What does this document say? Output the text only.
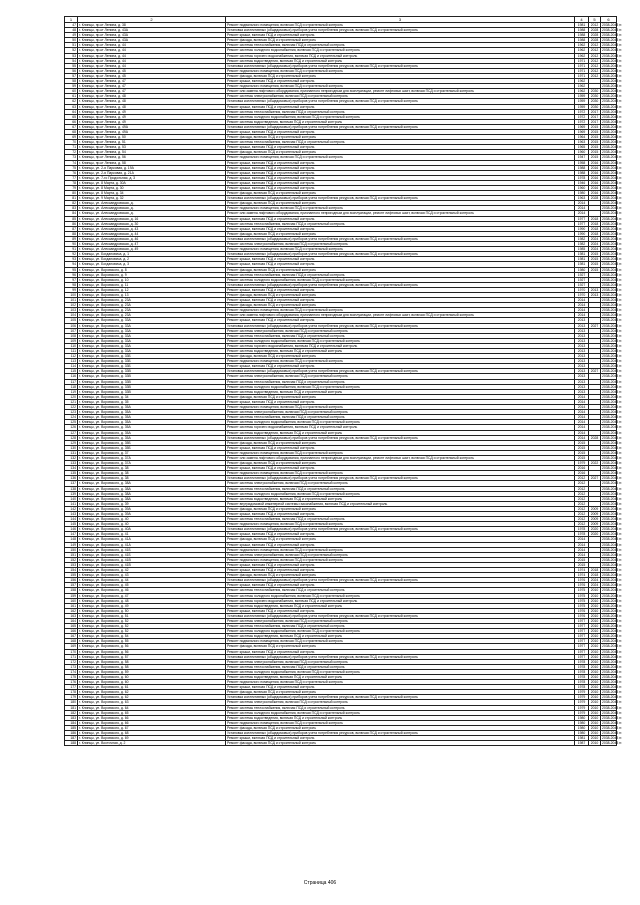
1	2	3	4	5	6
47	г. Клинцы, пр-кт Ленина, д. 38	Ремонт подвального помещения, включая ПСД и строительный контроль	1981	2012	2038-2043 гг.
48	г. Клинцы, пр-кт Ленина, д. 43А	Установка коллективных (общедомовых) приборов учета потребления ресурсов, включая ПСД и строительный контроль	1988	2028	2038-2043 гг.
49	г. Клинцы, пр-кт Ленина, д. 43А	Ремонт крыши, включая ПСД и строительный контроль	1988	2028	2038-2043 гг.
50	г. Клинцы, пр-кт Ленина, д. 43А	Ремонт фасада, включая ПСД и строительный контроль	1988	2028	2038-2043 гг.
51	г. Клинцы, пр-кт Ленина, д. 44	Ремонт системы теплоснабжения, включая ПСД и строительный контроль	1962	2012	2038-2043 гг.
52	г. Клинцы, пр-кт Ленина, д. 44	Ремонт системы холодного водоснабжения, включая ПСД и строительный контроль	1962	2012	2038-2043 гг.
53	г. Клинцы, пр-кт Ленина, д. 44	Ремонт системы горячего водоснабжения, включая ПСД и строительный контроль	1962	2012	2038-2043 гг.
54	г. Клинцы, пр-кт Ленина, д. 44	Ремонт системы водоотведения, включая ПСД и строительный контроль	1971	2012	2038-2043 гг.
55	г. Клинцы, пр-кт Ленина, д. 44	Установка коллективных (общедомовых) приборов учета потребления ресурсов, включая ПСД и строительный контроль	1971	2012	2038-2043 гг.
56	г. Клинцы, пр-кт Ленина, д. 45	Ремонт подвального помещения, включая ПСД и строительный контроль	1971	2012	2038-2043 гг.
57	г. Клинцы, пр-кт Ленина, д. 45	Ремонт фасада, включая ПСД и строительный контроль	1971	2012	2038-2043 гг.
58	г. Клинцы, пр-кт Ленина, д. 47	Ремонт крыши, включая ПСД и строительный контроль	1962		2038-2043 гг.
59	г. Клинцы, пр-кт Ленина, д. 47	Ремонт подвального помещения, включая ПСД и строительный контроль	1962		2038-2043 гг.
60	г. Клинцы, пр-кт Ленина, д. 47	Ремонт или замена лифтового оборудования, признанного непригодным для эксплуатации, ремонт лифтовых шахт, включая ПСД и строительный контроль	1962	2030	2038-2043 гг.
61	г. Клинцы, пр-кт Ленина, д. 48	Ремонт системы электроснабжения, включая ПСД и строительный контроль	1959	2030	2038-2043 гг.
62	г. Клинцы, пр-кт Ленина, д. 48	Установка коллективных (общедомовых) приборов учета потребления ресурсов, включая ПСД и строительный контроль	1959	2030	2038-2043 гг.
63	г. Клинцы, пр-кт Ленина, д. 48	Ремонт крыши, включая ПСД и строительный контроль	1959	2030	2038-2043 гг.
64	г. Клинцы, пр-кт Ленина, д. 49	Ремонт системы теплоснабжения, включая ПСД и строительный контроль	1972	2017	2038-2043 гг.
65	г. Клинцы, пр-кт Ленина, д. 49	Ремонт системы холодного водоснабжения, включая ПСД и строительный контроль	1972	2017	2038-2043 гг.
66	г. Клинцы, пр-кт Ленина, д. 49	Ремонт системы водоотведения, включая ПСД и строительный контроль	1972	2017	2038-2043 гг.
67	г. Клинцы, пр-кт Ленина, д. 49А	Установка коллективных (общедомовых) приборов учета потребления ресурсов, включая ПСД и строительный контроль	1969	2015	2038-2043 гг.
68	г. Клинцы, пр-кт Ленина, д. 49А	Ремонт крыши, включая ПСД и строительный контроль	1969	2015	2038-2043 гг.
69	г. Клинцы, пр-кт Ленина, д. 50	Ремонт фасада, включая ПСД и строительный контроль	1964	2015	2038-2043 гг.
70	г. Клинцы, пр-кт Ленина, д. 51	Ремонт системы теплоснабжения, включая ПСД и строительный контроль	1963	2015	2038-2043 гг.
71	г. Клинцы, пр-кт Ленина, д. 53	Ремонт крыши, включая ПСД и строительный контроль	1965	2015	2038-2043 гг.
72	г. Клинцы, пр-кт Ленина, д. 54	Ремонт фасада, включая ПСД и строительный контроль	1960	2015	2038-2043 гг.
73	г. Клинцы, пр-кт Ленина, д. 56	Ремонт подвального помещения, включая ПСД и строительный контроль	1947	2015	2038-2043 гг.
74	г. Клинцы, пр-кт Ленина, д. 58	Ремонт крыши, включая ПСД и строительный контроль	1958	2016	2038-2043 гг.
75	г. Клинцы, ул. 2-я Парковая, д. 19А	Ремонт крыши, включая ПСД и строительный контроль	1988	2016	2038-2043 гг.
76	г. Клинцы, ул. 2-я Парковая, д. 21А	Ремонт крыши, включая ПСД и строительный контроль	1988	2016	2038-2043 гг.
77	г. Клинцы, ул. 7-го Продольная, д. 3	Ремонт крыши, включая ПСД и строительный контроль	1978	2016	2038-2043 гг.
78	г. Клинцы, ул. 8 Марта, д. 30А	Ремонт крыши, включая ПСД и строительный контроль	1946	2016	2038-2043 гг.
79	г. Клинцы, ул. 8 Марта, д. 30	Ремонт крыши, включая ПСД и строительный контроль	1960	2016	2038-2043 гг.
80	г. Клинцы, ул. 8 Марта, д. 34	Ремонт фасада, включая ПСД и строительный контроль	1980	2016	2038-2043 гг.
81	г. Клинцы, ул. 9 Марта, д. 32	Установка коллективных (общедомовых) приборов учета потребления ресурсов, включая ПСД и строительный контроль	1963	2028	2038-2043 гг.
82	г. Клинцы, ул. Александровская, д.	Ремонт фасада, включая ПСД и строительный контроль	2014		2038-2043 гг.
83	г. Клинцы, ул. Александровская, д.	Ремонт подвального помещения, включая ПСД и строительный контроль	2014		2038-2043 гг.
84	г. Клинцы, ул. Александровская, д.	Ремонт или замена лифтового оборудования, признанного непригодным для эксплуатации, ремонт лифтовых шахт, включая ПСД и строительный контроль	2014		2038-2043 гг.
85	г. Клинцы, ул. Александровская, д. 16	Ремонт крыши, включая ПСД и строительный контроль	1977	2018	2038-2043 гг.
86	г. Клинцы, ул. Александровская, д. 30	Ремонт системы теплоснабжения, включая ПСД и строительный контроль	1977	2018	2038-2043 гг.
87	г. Клинцы, ул. Александровская, д. 43	Ремонт крыши, включая ПСД и строительный контроль	1990	2018	2038-2043 гг.
88	г. Клинцы, ул. Александровская, д. 44	Ремонт фасада, включая ПСД и строительный контроль	1990	2018	2038-2043 гг.
89	г. Клинцы, ул. Александровская, д. 46	Установка коллективных (общедомовых) приборов учета потребления ресурсов, включая ПСД и строительный контроль	1982	2024	2038-2043 гг.
90	г. Клинцы, ул. Александровская, д. 47	Ремонт системы электроснабжения, включая ПСД и строительный контроль	1982	2024	2038-2043 гг.
91	г. Клинцы, ул. Александровская, д. 49	Ремонт подвального помещения, включая ПСД и строительный контроль	1985	2024	2038-2043 гг.
92	г. Клинцы, ул. Богдановича, д. 1	Установка коллективных (общедомовых) приборов учета потребления ресурсов, включая ПСД и строительный контроль	1981	2015	2038-2043 гг.
93	г. Клинцы, ул. Богдановича, д. 2	Ремонт крыши, включая ПСД и строительный контроль	1981	2015	2038-2043 гг.
94	г. Клинцы, ул. Богдановича, д. 3	Ремонт крыши, включая ПСД и строительный контроль	1981	2015	2038-2043 гг.
95	г. Клинцы, ул. Воровского, д. 8	Ремонт фасада, включая ПСД и строительный контроль	1980	2015	2038-2043 гг.
96	г. Клинцы, ул. Воровского, д. 9	Ремонт системы теплоснабжения, включая ПСД и строительный контроль	1927		2038-2043 гг.
97	г. Клинцы, ул. Воровского, д. 10	Ремонт системы холодного водоснабжения, включая ПСД и строительный контроль	1927		2038-2043 гг.
98	г. Клинцы, ул. Воровского, д. 11	Установка коллективных (общедомовых) приборов учета потребления ресурсов, включая ПСД и строительный контроль	1927		2038-2043 гг.
99	г. Клинцы, ул. Воровского, д. 12	Ремонт крыши, включая ПСД и строительный контроль	1970	2013	2038-2043 гг.
100	г. Клинцы, ул. Воровского, д. 13	Ремонт фасада, включая ПСД и строительный контроль	1970	2013	2038-2043 гг.
101	г. Клинцы, ул. Воровского, д. 23А	Ремонт крыши, включая ПСД и строительный контроль	2014		2038-2043 гг.
102	г. Клинцы, ул. Воровского, д. 23А	Ремонт фасада, включая ПСД и строительный контроль	2014		2038-2043 гг.
103	г. Клинцы, ул. Воровского, д. 23А	Ремонт подвального помещения, включая ПСД и строительный контроль	2014		2038-2043 гг.
104	г. Клинцы, ул. Воровского, д. 23А	Ремонт или замена лифтового оборудования, признанного непригодным для эксплуатации, ремонт лифтовых шахт, включая ПСД и строительный контроль	2014		2038-2043 гг.
105	г. Клинцы, ул. Воровского, д. 33А	Ремонт крыши, включая ПСД и строительный контроль	2013		2038-2043 гг.
106	г. Клинцы, ул. Воровского, д. 33А	Установка коллективных (общедомовых) приборов учета потребления ресурсов, включая ПСД и строительный контроль	2013	2027	2038-2043 гг.
107	г. Клинцы, ул. Воровского, д. 33А	Ремонт системы электроснабжения, включая ПСД и строительный контроль	2013		2038-2043 гг.
108	г. Клинцы, ул. Воровского, д. 33А	Ремонт системы теплоснабжения, включая ПСД и строительный контроль	2013		2038-2043 гг.
109	г. Клинцы, ул. Воровского, д. 33А	Ремонт системы холодного водоснабжения, включая ПСД и строительный контроль	2013		2038-2043 гг.
110	г. Клинцы, ул. Воровского, д. 33А	Ремонт системы горячего водоснабжения, включая ПСД и строительный контроль	2013		2038-2043 гг.
111	г. Клинцы, ул. Воровского, д. 33А	Ремонт системы водоотведения, включая ПСД и строительный контроль	2013		2038-2043 гг.
112	г. Клинцы, ул. Воровского, д. 33Б	Ремонт фасада, включая ПСД и строительный контроль	2013		2038-2043 гг.
113	г. Клинцы, ул. Воровского, д. 33Б	Ремонт подвального помещения, включая ПСД и строительный контроль	2013		2038-2043 гг.
114	г. Клинцы, ул. Воровского, д. 33Б	Ремонт крыши, включая ПСД и строительный контроль	2013		2038-2043 гг.
115	г. Клинцы, ул. Воровского, д. 33В	Установка коллективных (общедомовых) приборов учета потребления ресурсов, включая ПСД и строительный контроль	2013	2027	2038-2043 гг.
116	г. Клинцы, ул. Воровского, д. 33В	Ремонт системы электроснабжения, включая ПСД и строительный контроль	2013		2038-2043 гг.
117	г. Клинцы, ул. Воровского, д. 33В	Ремонт системы теплоснабжения, включая ПСД и строительный контроль	2013		2038-2043 гг.
118	г. Клинцы, ул. Воровского, д. 33В	Ремонт системы холодного водоснабжения, включая ПСД и строительный контроль	2013		2038-2043 гг.
119	г. Клинцы, ул. Воровского, д. 33В	Ремонт системы водоотведения, включая ПСД и строительный контроль	2013		2038-2043 гг.
120	г. Клинцы, ул. Воровского, д. 34	Ремонт фасада, включая ПСД и строительный контроль	2014		2038-2043 гг.
121	г. Клинцы, ул. Воровского, д. 35	Ремонт крыши, включая ПСД и строительный контроль	2014		2038-2043 гг.
122	г. Клинцы, ул. Воровского, д. 35А	Ремонт подвального помещения, включая ПСД и строительный контроль	2014		2038-2043 гг.
123	г. Клинцы, ул. Воровского, д. 35А	Ремонт системы электроснабжения, включая ПСД и строительный контроль	2014		2038-2043 гг.
124	г. Клинцы, ул. Воровского, д. 35А	Ремонт системы теплоснабжения, включая ПСД и строительный контроль	2014		2038-2043 гг.
125	г. Клинцы, ул. Воровского, д. 35А	Ремонт системы холодного водоснабжения, включая ПСД и строительный контроль	2014		2038-2043 гг.
126	г. Клинцы, ул. Воровского, д. 35А	Ремонт системы горячего водоснабжения, включая ПСД и строительный контроль	2014		2038-2043 гг.
127	г. Клинцы, ул. Воровского, д. 35А	Ремонт системы водоотведения, включая ПСД и строительный контроль	2014		2038-2043 гг.
128	г. Клинцы, ул. Воровского, д. 35А	Установка коллективных (общедомовых) приборов учета потребления ресурсов, включая ПСД и строительный контроль	2014	2028	2038-2043 гг.
129	г. Клинцы, ул. Воровского, д. 35Б	Ремонт фасада, включая ПСД и строительный контроль	2015		2038-2043 гг.
130	г. Клинцы, ул. Воровского, д. 35Б	Ремонт крыши, включая ПСД и строительный контроль	2015		2038-2043 гг.
131	г. Клинцы, ул. Воровского, д. 37	Ремонт подвального помещения, включая ПСД и строительный контроль	2015		2038-2043 гг.
132	г. Клинцы, ул. Воровского, д. 37А	Ремонт или замена лифтового оборудования, признанного непригодным для эксплуатации, ремонт лифтовых шахт, включая ПСД и строительный контроль	2015		2038-2043 гг.
133	г. Клинцы, ул. Воровского, д. 37А	Ремонт фасада, включая ПСД и строительный контроль	1979	2022	2038-2043 гг.
134	г. Клинцы, ул. Воровского, д. 38	Ремонт крыши, включая ПСД и строительный контроль	2016		2038-2043 гг.
135	г. Клинцы, ул. Воровского, д. 38	Ремонт подвального помещения, включая ПСД и строительный контроль	2016		2038-2043 гг.
136	г. Клинцы, ул. Воровского, д. 38	Установка коллективных (общедомовых) приборов учета потребления ресурсов, включая ПСД и строительный контроль	2012	2027	2038-2043 гг.
137	г. Клинцы, ул. Воровского, д. 38А	Ремонт системы электроснабжения, включая ПСД и строительный контроль	2012		2038-2043 гг.
138	г. Клинцы, ул. Воровского, д. 38А	Ремонт системы теплоснабжения, включая ПСД и строительный контроль	2012		2038-2043 гг.
139	г. Клинцы, ул. Воровского, д. 38А	Ремонт системы холодного водоснабжения, включая ПСД и строительный контроль	2012		2038-2043 гг.
140	г. Клинцы, ул. Воровского, д. 38А	Ремонт системы водоотведения, включая ПСД и строительный контроль	2012		2038-2043 гг.
141	г. Клинцы, ул. Воровского, д. 39	Ремонт внутридомовой инженерной системы газоснабжения, включая ПСД и строительный контроль	2012		2038-2043 гг.
142	г. Клинцы, ул. Воровского, д. 39А	Ремонт фасада, включая ПСД и строительный контроль	2012	2009	2038-2043 гг.
143	г. Клинцы, ул. Воровского, д. 39А	Ремонт крыши, включая ПСД и строительный контроль	2012	2009	2038-2043 гг.
144	г. Клинцы, ул. Воровского, д. 40	Ремонт системы теплоснабжения, включая ПСД и строительный контроль	2012	2009	2038-2043 гг.
145	г. Клинцы, ул. Воровского, д. 40	Ремонт подвального помещения, включая ПСД и строительный контроль	2012	2009	2038-2043 гг.
146	г. Клинцы, ул. Воровского, д. 40А	Установка коллективных (общедомовых) приборов учета потребления ресурсов, включая ПСД и строительный контроль	1978	2020	2038-2043 гг.
147	г. Клинцы, ул. Воровского, д. 41	Ремонт крыши, включая ПСД и строительный контроль	1978	2020	2038-2043 гг.
148	г. Клинцы, ул. Воровского, д. 41А	Ремонт фасада, включая ПСД и строительный контроль	2014		2038-2043 гг.
149	г. Клинцы, ул. Воровского, д. 41А	Ремонт крыши, включая ПСД и строительный контроль	2014		2038-2043 гг.
150	г. Клинцы, ул. Воровского, д. 41Б	Ремонт подвального помещения, включая ПСД и строительный контроль	2014		2038-2043 гг.
151	г. Клинцы, ул. Воровского, д. 41Б	Ремонт системы электроснабжения, включая ПСД и строительный контроль	2014		2038-2043 гг.
152	г. Клинцы, ул. Воровского, д. 41В	Ремонт подвального помещения, включая ПСД и строительный контроль	2015		2038-2043 гг.
153	г. Клинцы, ул. Воровского, д. 41В	Ремонт крыши, включая ПСД и строительный контроль	2015		2038-2043 гг.
154	г. Клинцы, ул. Воровского, д. 42	Ремонт крыши, включая ПСД и строительный контроль	1974	2018	2038-2043 гг.
155	г. Клинцы, ул. Воровского, д. 43	Ремонт фасада, включая ПСД и строительный контроль	1974	2018	2038-2043 гг.
156	г. Клинцы, ул. Воровского, д. 44	Установка коллективных (общедомовых) приборов учета потребления ресурсов, включая ПСД и строительный контроль	1976	2024	2038-2043 гг.
157	г. Клинцы, ул. Воровского, д. 45	Ремонт крыши, включая ПСД и строительный контроль	1976	2024	2038-2043 гг.
158	г. Клинцы, ул. Воровского, д. 46	Ремонт системы теплоснабжения, включая ПСД и строительный контроль	1975	2010	2038-2043 гг.
159	г. Клинцы, ул. Воровского, д. 47	Ремонт системы холодного водоснабжения, включая ПСД и строительный контроль	1975	2010	2038-2043 гг.
160	г. Клинцы, ул. Воровского, д. 48	Ремонт системы горячего водоснабжения, включая ПСД и строительный контроль	1975	2010	2038-2043 гг.
161	г. Клинцы, ул. Воровского, д. 49	Ремонт системы водоотведения, включая ПСД и строительный контроль	1975	2010	2038-2043 гг.
162	г. Клинцы, ул. Воровского, д. 50	Ремонт крыши, включая ПСД и строительный контроль	1976	2010	2038-2043 гг.
163	г. Клинцы, ул. Воровского, д. 51	Установка коллективных (общедомовых) приборов учета потребления ресурсов, включая ПСД и строительный контроль	1976	2010	2038-2043 гг.
164	г. Клинцы, ул. Воровского, д. 52	Ремонт системы электроснабжения, включая ПСД и строительный контроль	1977	2010	2038-2043 гг.
165	г. Клинцы, ул. Воровского, д. 52	Ремонт системы теплоснабжения, включая ПСД и строительный контроль	1977	2010	2038-2043 гг.
166	г. Клинцы, ул. Воровского, д. 52	Ремонт системы холодного водоснабжения, включая ПСД и строительный контроль	1977	2010	2038-2043 гг.
167	г. Клинцы, ул. Воровского, д. 54	Ремонт системы водоотведения, включая ПСД и строительный контроль	1977	2010	2038-2043 гг.
168	г. Клинцы, ул. Воровского, д. 55	Ремонт подвального помещения, включая ПСД и строительный контроль	1977	2010	2038-2043 гг.
169	г. Клинцы, ул. Воровского, д. 56	Ремонт фасада, включая ПСД и строительный контроль	1977	2010	2038-2043 гг.
170	г. Клинцы, ул. Воровского, д. 56	Ремонт крыши, включая ПСД и строительный контроль	1977	2010	2038-2043 гг.
171	г. Клинцы, ул. Воровского, д. 57	Установка коллективных (общедомовых) приборов учета потребления ресурсов, включая ПСД и строительный контроль	1977	2010	2038-2043 гг.
172	г. Клинцы, ул. Воровского, д. 58	Ремонт системы электроснабжения, включая ПСД и строительный контроль	1978	2010	2038-2043 гг.
173	г. Клинцы, ул. Воровского, д. 58	Ремонт системы теплоснабжения, включая ПСД и строительный контроль	1978	2010	2038-2043 гг.
174	г. Клинцы, ул. Воровского, д. 59	Ремонт системы холодного водоснабжения, включая ПСД и строительный контроль	1978	2010	2038-2043 гг.
175	г. Клинцы, ул. Воровского, д. 60	Ремонт системы водоотведения, включая ПСД и строительный контроль	1978	2010	2038-2043 гг.
176	г. Клинцы, ул. Воровского, д. 60	Ремонт подвального помещения, включая ПСД и строительный контроль	1978	2010	2038-2043 гг.
177	г. Клинцы, ул. Воровского, д. 61	Ремонт крыши, включая ПСД и строительный контроль	1978	2010	2038-2043 гг.
178	г. Клинцы, ул. Воровского, д. 62	Ремонт фасада, включая ПСД и строительный контроль	1979	2010	2038-2043 гг.
179	г. Клинцы, ул. Воровского, д. 62	Установка коллективных (общедомовых) приборов учета потребления ресурсов, включая ПСД и строительный контроль	1979	2010	2038-2043 гг.
180	г. Клинцы, ул. Воровского, д. 63	Ремонт системы электроснабжения, включая ПСД и строительный контроль	1979	2010	2038-2043 гг.
181	г. Клинцы, ул. Воровского, д. 64	Ремонт системы теплоснабжения, включая ПСД и строительный контроль	1979	2010	2038-2043 гг.
182	г. Клинцы, ул. Воровского, д. 65	Ремонт системы холодного водоснабжения, включая ПСД и строительный контроль	1979	2010	2038-2043 гг.
183	г. Клинцы, ул. Воровского, д. 66	Ремонт системы водоотведения, включая ПСД и строительный контроль	1980	2010	2038-2043 гг.
184	г. Клинцы, ул. Воровского, д. 66	Ремонт подвального помещения, включая ПСД и строительный контроль	1980	2010	2038-2043 гг.
185	г. Клинцы, ул. Воровского, д. 67	Ремонт фасада, включая ПСД и строительный контроль	1980	2010	2038-2043 гг.
186	г. Клинцы, ул. Воровского, д. 68	Установка коллективных (общедомовых) приборов учета потребления ресурсов, включая ПСД и строительный контроль	1980	2010	2038-2043 гг.
187	г. Клинцы, ул. Воровского, д. 69	Ремонт крыши, включая ПСД и строительный контроль	1981	2010	2038-2043 гг.
188	г. Клинцы, ул. Восточная, д. 2	Ремонт фасада, включая ПСД и строительный контроль	1987	2010	2038-2043 гг.
Страница 406
